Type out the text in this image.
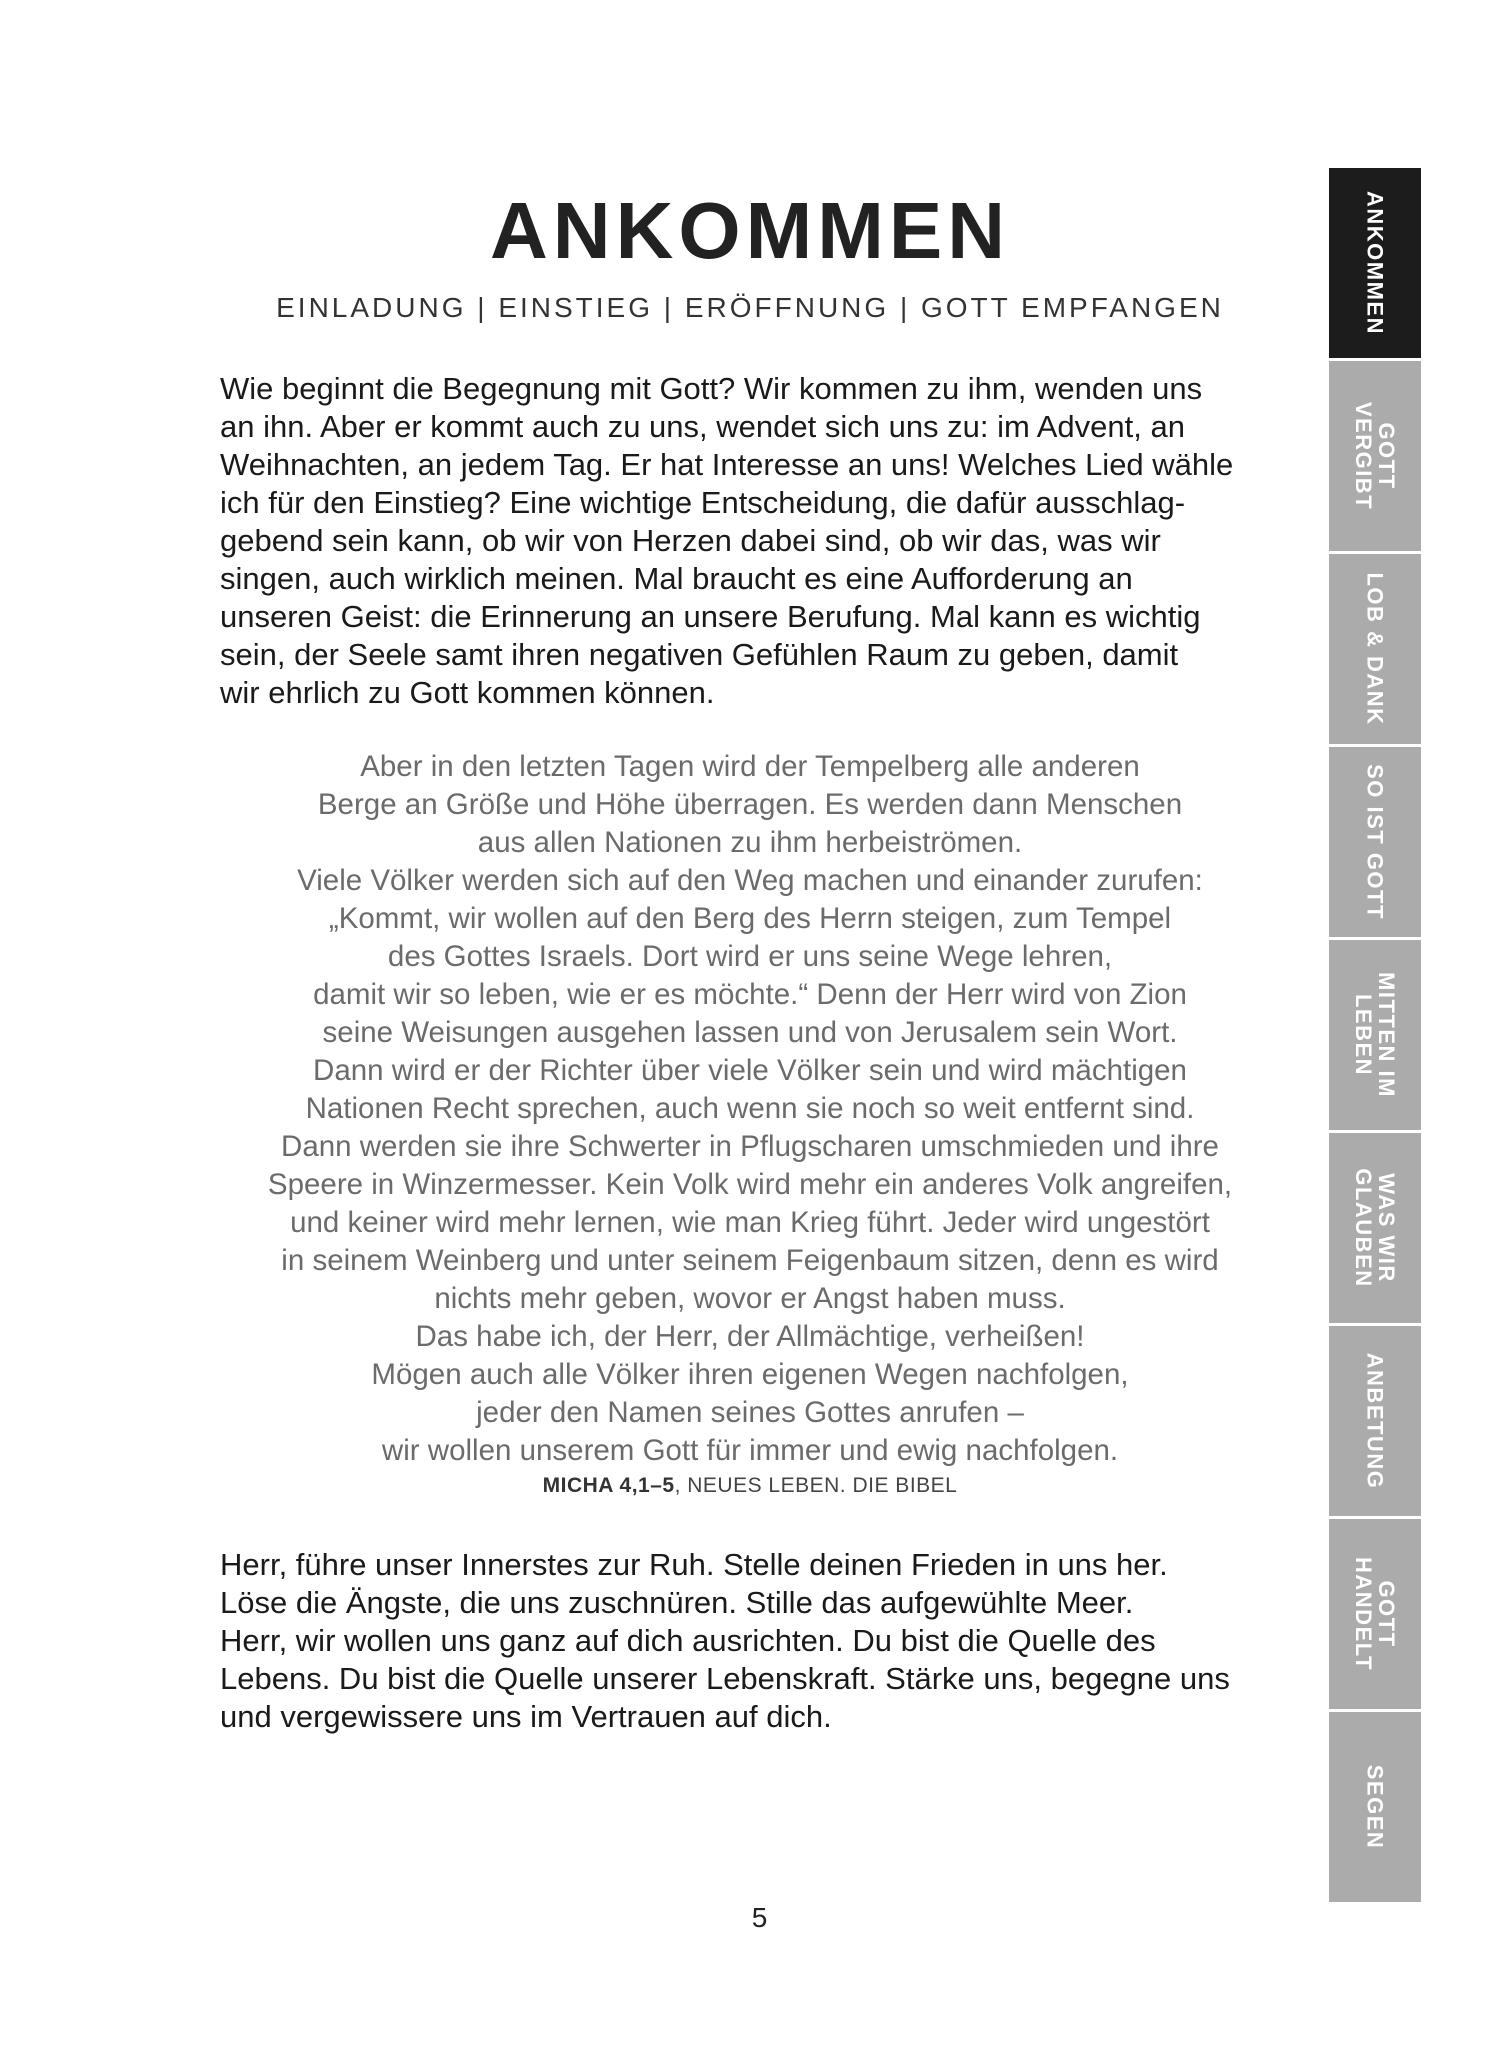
ANKOMMEN
EINLADUNG | EINSTIEG | ERÖFFNUNG | GOTT EMPFANGEN
Wie beginnt die Begegnung mit Gott? Wir kommen zu ihm, wenden uns
an ihn. Aber er kommt auch zu uns, wendet sich uns zu: im Advent, an
Weihnachten, an jedem Tag. Er hat Interesse an uns! Welches Lied wähle
ich für den Einstieg? Eine wichtige Entscheidung, die dafür ausschlag-
gebend sein kann, ob wir von Herzen dabei sind, ob wir das, was wir
singen, auch wirklich meinen. Mal braucht es eine Aufforderung an
unseren Geist: die Erinnerung an unsere Berufung. Mal kann es wichtig
sein, der Seele samt ihren negativen Gefühlen Raum zu geben, damit
wir ehrlich zu Gott kommen können.
Aber in den letzten Tagen wird der Tempelberg alle anderen
Berge an Größe und Höhe überragen. Es werden dann Menschen
aus allen Nationen zu ihm herbeiströmen.
Viele Völker werden sich auf den Weg machen und einander zurufen:
„Kommt, wir wollen auf den Berg des Herrn steigen, zum Tempel
des Gottes Israels. Dort wird er uns seine Wege lehren,
damit wir so leben, wie er es möchte.“ Denn der Herr wird von Zion
seine Weisungen ausgehen lassen und von Jerusalem sein Wort.
Dann wird er der Richter über viele Völker sein und wird mächtigen
Nationen Recht sprechen, auch wenn sie noch so weit entfernt sind.
Dann werden sie ihre Schwerter in Pflugscharen umschmieden und ihre
Speere in Winzermesser. Kein Volk wird mehr ein anderes Volk angreifen,
und keiner wird mehr lernen, wie man Krieg führt. Jeder wird ungestört
in seinem Weinberg und unter seinem Feigenbaum sitzen, denn es wird
nichts mehr geben, wovor er Angst haben muss.
Das habe ich, der Herr, der Allmächtige, verheißen!
Mögen auch alle Völker ihren eigenen Wegen nachfolgen,
jeder den Namen seines Gottes anrufen –
wir wollen unserem Gott für immer und ewig nachfolgen.
MICHA 4,1–5, NEUES LEBEN. DIE BIBEL
Herr, führe unser Innerstes zur Ruh. Stelle deinen Frieden in uns her.
Löse die Ängste, die uns zuschnüren. Stille das aufgewühlte Meer.
Herr, wir wollen uns ganz auf dich ausrichten. Du bist die Quelle des
Lebens. Du bist die Quelle unserer Lebenskraft. Stärke uns, begegne uns
und vergewissere uns im Vertrauen auf dich.
5
ANKOMMEN
GOTT
VERGIBT
LOB & DANK
SO IST GOTT
MITTEN IM
LEBEN
WAS WIR
GLAUBEN
ANBETUNG
GOTT
HANDELT
SEGEN
